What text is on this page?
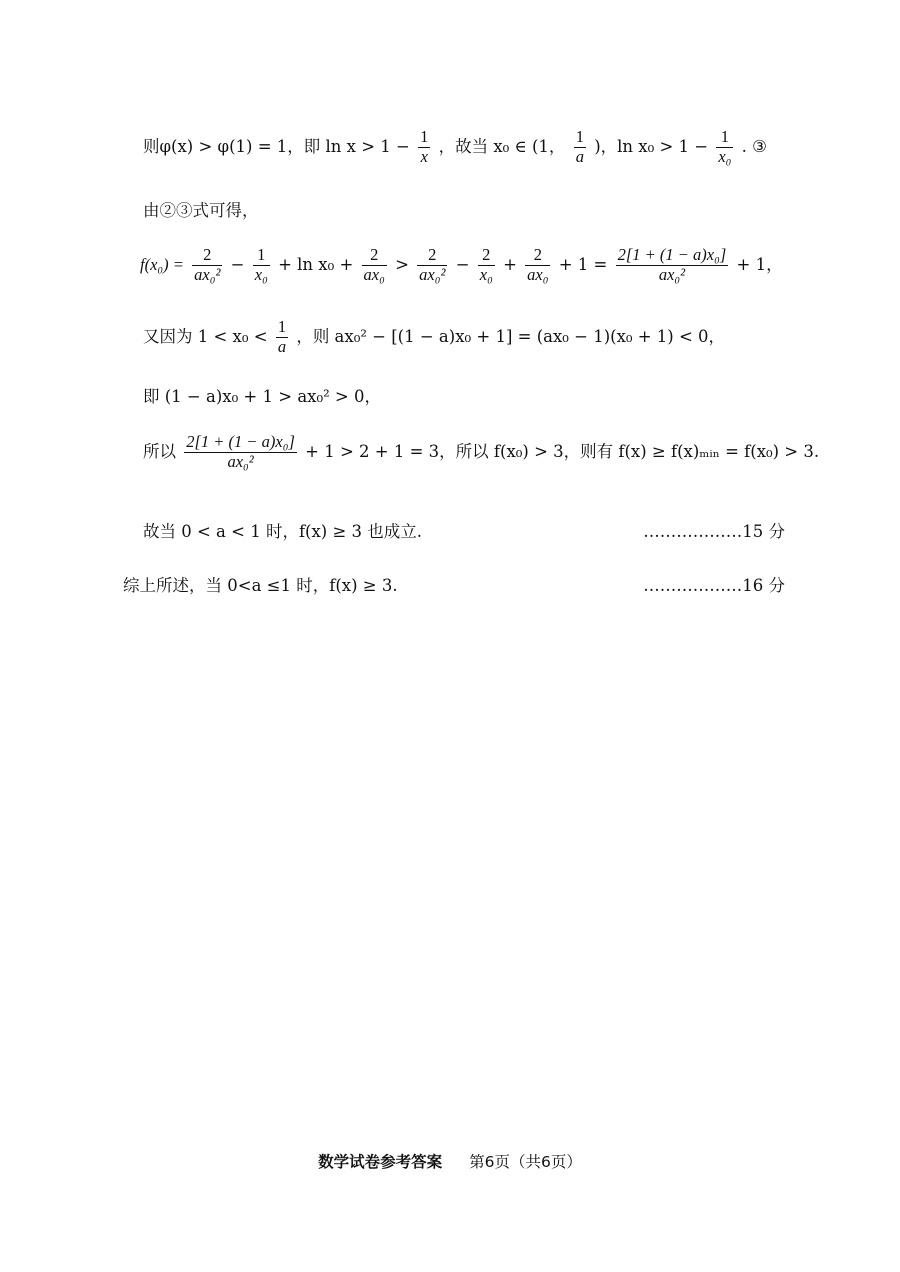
则φ(x) > φ(1) = 1，即 $\ln x > 1 - \frac{1}{x}$ ，故当 x₀ ∈ (1， $\frac{1}{a}$ )，$\ln x_0 > 1 - \frac{1}{\text{x₀}}$ . ③
由②③式可得，
$f(x_0) = \frac{2}{\text{ax₀²}} - \frac{1}{\text{x₀}} + \ln x_0 + \frac{2}{\text{ax₀}} > \frac{2}{\text{ax₀²}} - \frac{2}{\text{x₀}} + \frac{2}{\text{ax₀}} + 1 = \frac{\text{2[1 + (1 − a)x₀]}}{\text{ax₀²}} + 1$，
又因为 $1 < x_0 < \frac{1}{a}$ ，则 ax₀² − [(1 − a)x₀ + 1] = (ax₀ − 1)(x₀ + 1) < 0，
即 (1 − a)x₀ + 1 > ax₀² > 0，
所以 $\frac{\text{2[1 + (1 − a)x₀]}}{\text{ax₀²}} + 1 > 2 + 1 = 3$，所以 f(x₀) > 3，则有 f(x) ≥ f(x)ₘᵢₙ = f(x₀) > 3.
故当 0 < a < 1 时，f(x) ≥ 3 也成立.	………………15 分
综上所述，当 0<a ≤1 时，f(x) ≥ 3.	………………16 分
数学试卷参考答案 第6页（共6页）
